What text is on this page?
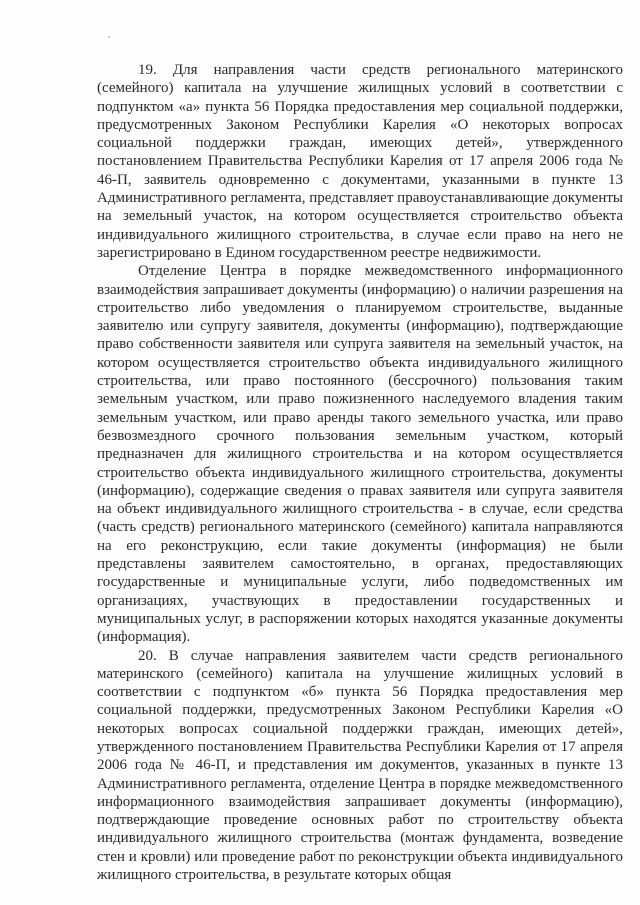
19. Для направления части средств регионального материнского (семейного) капитала на улучшение жилищных условий в соответствии с подпунктом «а» пункта 56 Порядка предоставления мер социальной поддержки, предусмотренных Законом Республики Карелия «О некоторых вопросах социальной поддержки граждан, имеющих детей», утвержденного постановлением Правительства Республики Карелия от 17 апреля 2006 года № 46-П, заявитель одновременно с документами, указанными в пункте 13 Административного регламента, представляет правоустанавливающие документы на земельный участок, на котором осуществляется строительство объекта индивидуального жилищного строительства, в случае если право на него не зарегистрировано в Едином государственном реестре недвижимости.

Отделение Центра в порядке межведомственного информационного взаимодействия запрашивает документы (информацию) о наличии разрешения на строительство либо уведомления о планируемом строительстве, выданные заявителю или супругу заявителя, документы (информацию), подтверждающие право собственности заявителя или супруга заявителя на земельный участок, на котором осуществляется строительство объекта индивидуального жилищного строительства, или право постоянного (бессрочного) пользования таким земельным участком, или право пожизненного наследуемого владения таким земельным участком, или право аренды такого земельного участка, или право безвозмездного срочного пользования земельным участком, который предназначен для жилищного строительства и на котором осуществляется строительство объекта индивидуального жилищного строительства, документы (информацию), содержащие сведения о правах заявителя или супруга заявителя на объект индивидуального жилищного строительства - в случае, если средства (часть средств) регионального материнского (семейного) капитала направляются на его реконструкцию, если такие документы (информация) не были представлены заявителем самостоятельно, в органах, предоставляющих государственные и муниципальные услуги, либо подведомственных им организациях, участвующих в предоставлении государственных и муниципальных услуг, в распоряжении которых находятся указанные документы (информация).

20. В случае направления заявителем части средств регионального материнского (семейного) капитала на улучшение жилищных условий в соответствии с подпунктом «б» пункта 56 Порядка предоставления мер социальной поддержки, предусмотренных Законом Республики Карелия «О некоторых вопросах социальной поддержки граждан, имеющих детей», утвержденного постановлением Правительства Республики Карелия от 17 апреля 2006 года № 46-П, и представления им документов, указанных в пункте 13 Административного регламента, отделение Центра в порядке межведомственного информационного взаимодействия запрашивает документы (информацию), подтверждающие проведение основных работ по строительству объекта индивидуального жилищного строительства (монтаж фундамента, возведение стен и кровли) или проведение работ по реконструкции объекта индивидуального жилищного строительства, в результате которых общая
